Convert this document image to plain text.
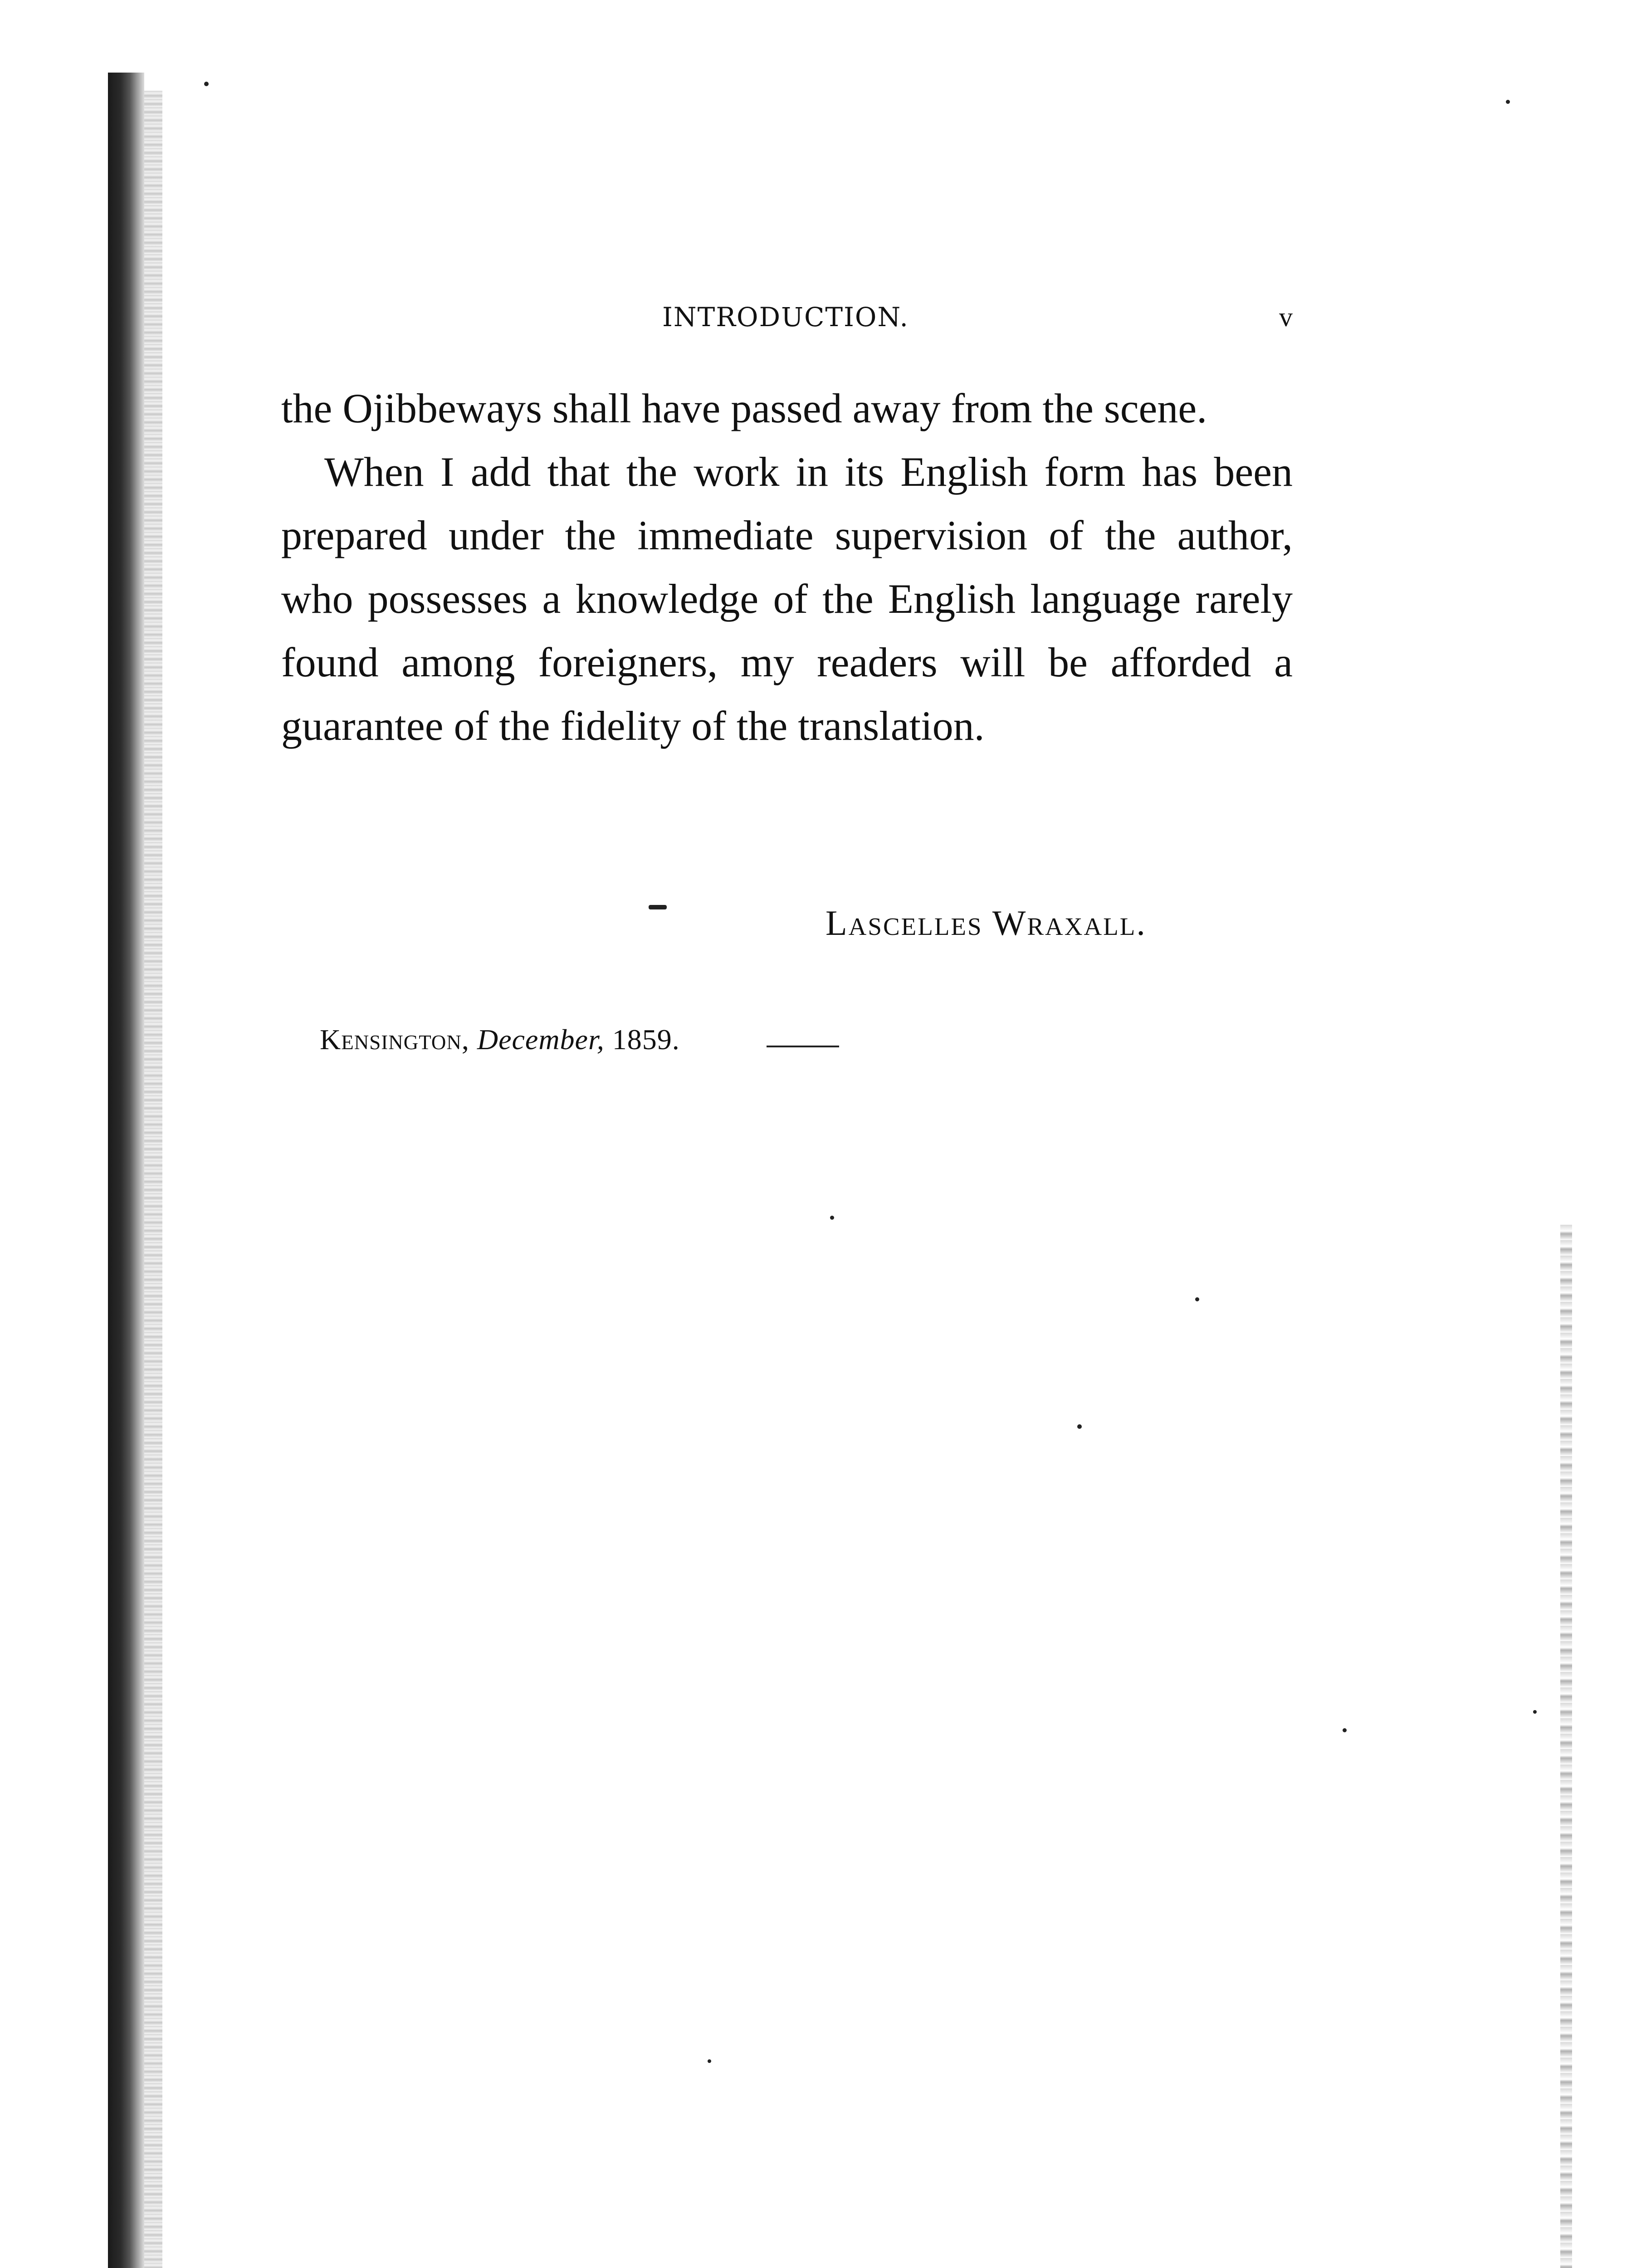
INTRODUCTION.	v

the Ojibbeways shall have passed away from the scene.

When I add that the work in its English form has been prepared under the immediate supervision of the author, who possesses a knowledge of the English language rarely found among foreigners, my readers will be afforded a guarantee of the fidelity of the translation.

Lascelles Wraxall.
Kensington, December, 1859.
